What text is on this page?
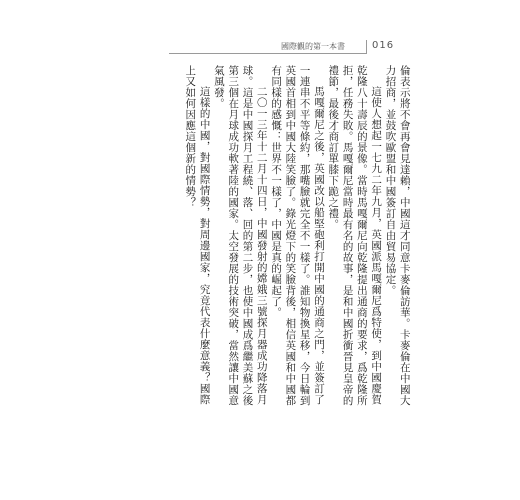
國際觀的第一本書	016

倫表示將不會再會見達賴，中國這才同意卡麥倫訪華。卡麥倫在中國大力招商，並鼓吹歐盟和中國簽訂自由貿易協定。

這使人想起一七九二年九月，英國派馬嘎爾尼爲特使，到中國慶賀乾隆八十壽辰的景像。當時馬嘎爾尼向乾隆提出通商的要求，爲乾隆所拒，任務失敗。馬嘎爾尼當時最有名的故事，是和中國折衝晉見皇帝的禮節，最後才商訂單膝下跪之禮。

馬嘎爾尼之後，英國改以船堅砲利打開中國的通商之門，並簽訂了一連串不平等條約，那嘴臉就完全不一樣了。誰知物換星移，今日輪到英國首相到中國大陸笑臉了。錄光燈下的笑臉背後，相信英國和中國都有同樣的感慨：世界不一樣了，中國是真的崛起了。

二〇一三年十二月十四日，中國發射的嫦娥三號探月器成功降落月球。這是中國探月工程繞、落、回的第二步，也使中國成爲繼美蘇之後第三個在月球成功軟著陸的國家。太空發展的技術突破，當然讓中國意氣風發。

這樣的中國，對國際情勢，對周邊國家，究竟代表什麼意義？國際上又如何因應這個新的情勢？
